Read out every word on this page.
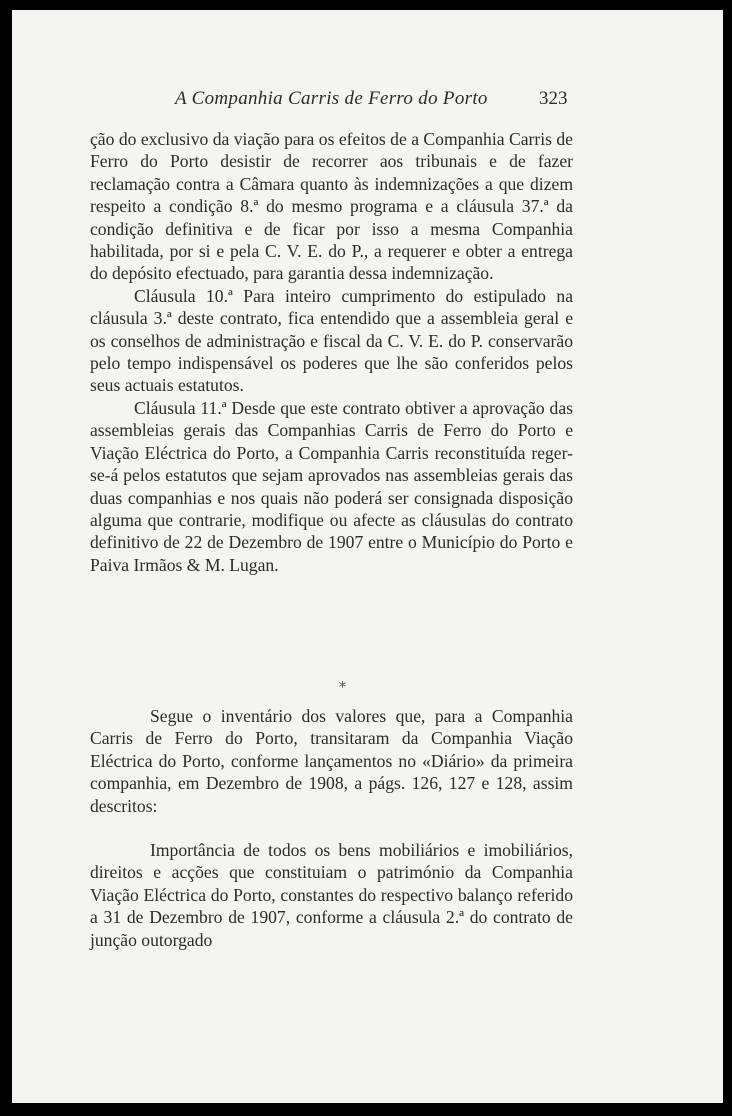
A Companhia Carris de Ferro do Porto	323

ção do exclusivo da viação para os efeitos de a Companhia Carris de Ferro do Porto desistir de recorrer aos tribunais e de fazer reclamação contra a Câmara quanto às indemnizações a que dizem respeito a condição 8.ª do mesmo programa e a cláusula 37.ª da condição definitiva e de ficar por isso a mesma Companhia habilitada, por si e pela C. V. E. do P., a requerer e obter a entrega do depósito efectuado, para garantia dessa indemnização.

Cláusula 10.ª Para inteiro cumprimento do estipulado na cláusula 3.ª deste contrato, fica entendido que a assembleia geral e os conselhos de administração e fiscal da C. V. E. do P. conservarão pelo tempo indispensável os poderes que lhe são conferidos pelos seus actuais estatutos.

Cláusula 11.ª Desde que este contrato obtiver a aprovação das assembleias gerais das Companhias Carris de Ferro do Porto e Viação Eléctrica do Porto, a Companhia Carris reconstituída reger-se-á pelos estatutos que sejam aprovados nas assembleias gerais das duas companhias e nos quais não poderá ser consignada disposição alguma que contrarie, modifique ou afecte as cláusulas do contrato definitivo de 22 de Dezembro de 1907 entre o Município do Porto e Paiva Irmãos & M. Lugan.

*

Segue o inventário dos valores que, para a Companhia Carris de Ferro do Porto, transitaram da Companhia Viação Eléctrica do Porto, conforme lançamentos no «Diário» da primeira companhia, em Dezembro de 1908, a págs. 126, 127 e 128, assim descritos:

Importância de todos os bens mobiliários e imobiliários, direitos e acções que constituiam o património da Companhia Viação Eléctrica do Porto, constantes do respectivo balanço referido a 31 de Dezembro de 1907, conforme a cláusula 2.ª do contrato de junção outorgado
